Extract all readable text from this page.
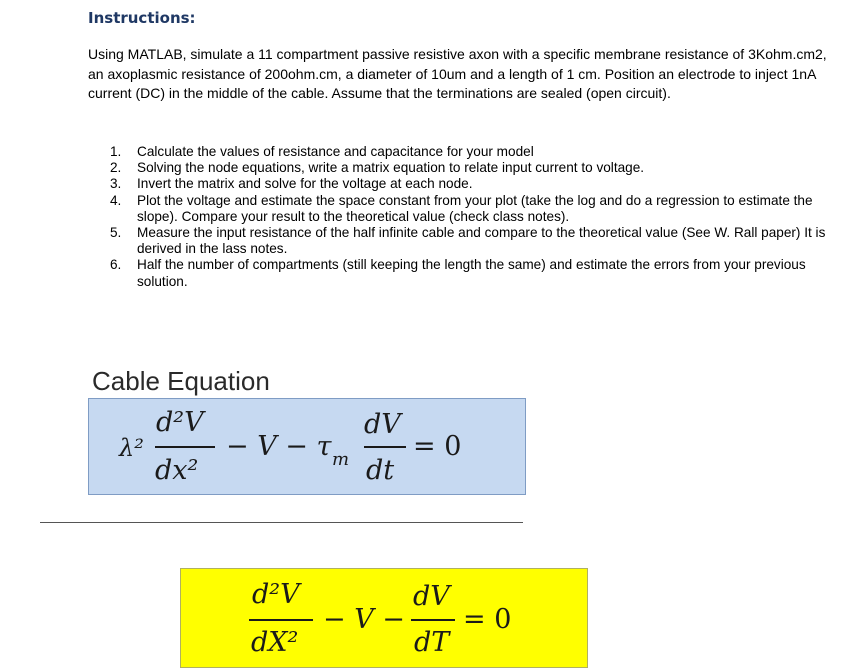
Instructions:

Using MATLAB, simulate a 11 compartment passive resistive axon with a specific membrane resistance of 3Kohm.cm2, an axoplasmic resistance of 200ohm.cm, a diameter of 10um and a length of 1 cm. Position an electrode to inject 1nA current (DC) in the middle of the cable. Assume that the terminations are sealed (open circuit).

1. Calculate the values of resistance and capacitance for your model
2. Solving the node equations, write a matrix equation to relate input current to voltage.
3. Invert the matrix and solve for the voltage at each node.
4. Plot the voltage and estimate the space constant from your plot (take the log and do a regression to estimate the slope). Compare your result to the theoretical value (check class notes).
5. Measure the input resistance of the half infinite cable and compare to the theoretical value (See W. Rall paper) It is derived in the lass notes.
6. Half the number of compartments (still keeping the length the same) and estimate the errors from your previous solution.
Cable Equation
λ²
d²V
dx²
− V − τ m
dV
dt
= 0
d²V
dX²
− V −
dV
dT
= 0
